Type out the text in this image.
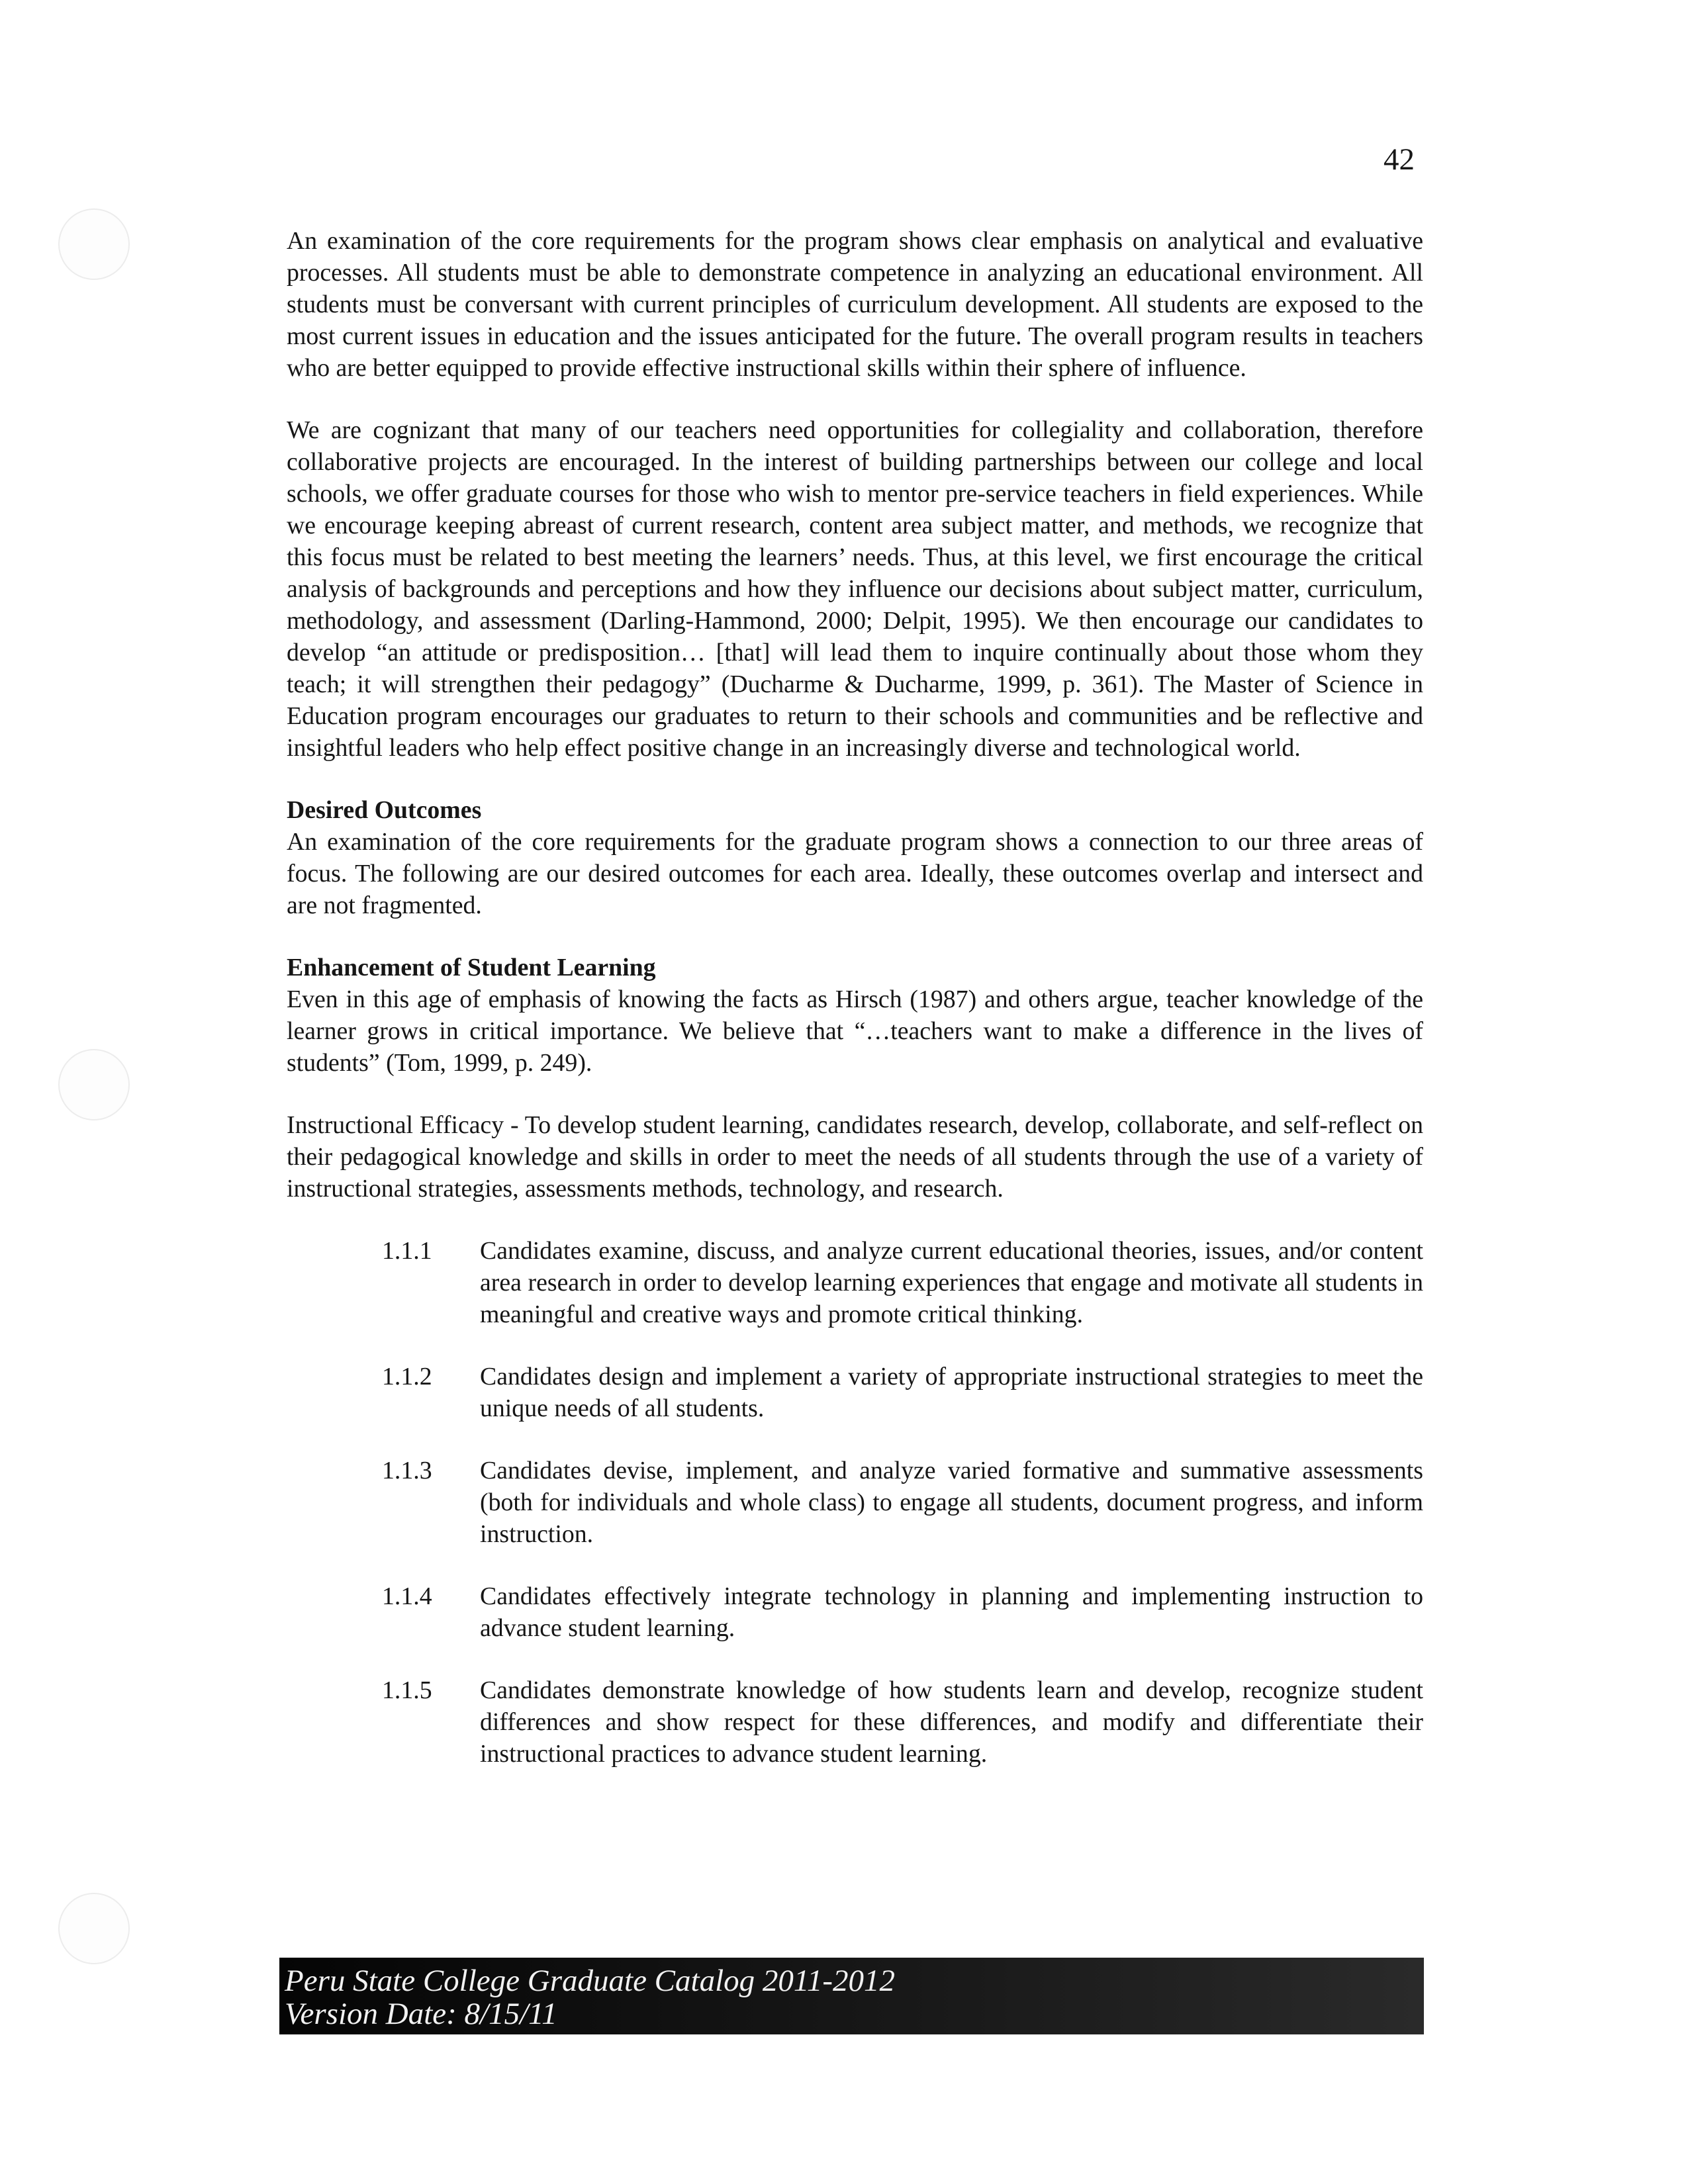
42

An examination of the core requirements for the program shows clear emphasis on analytical and evaluative processes. All students must be able to demonstrate competence in analyzing an educational environment. All students must be conversant with current principles of curriculum development. All students are exposed to the most current issues in education and the issues anticipated for the future. The overall program results in teachers who are better equipped to provide effective instructional skills within their sphere of influence.

We are cognizant that many of our teachers need opportunities for collegiality and collaboration, therefore collaborative projects are encouraged. In the interest of building partnerships between our college and local schools, we offer graduate courses for those who wish to mentor pre-service teachers in field experiences. While we encourage keeping abreast of current research, content area subject matter, and methods, we recognize that this focus must be related to best meeting the learners’ needs. Thus, at this level, we first encourage the critical analysis of backgrounds and perceptions and how they influence our decisions about subject matter, curriculum, methodology, and assessment (Darling-Hammond, 2000; Delpit, 1995). We then encourage our candidates to develop “an attitude or predisposition… [that] will lead them to inquire continually about those whom they teach; it will strengthen their pedagogy” (Ducharme & Ducharme, 1999, p. 361). The Master of Science in Education program encourages our graduates to return to their schools and communities and be reflective and insightful leaders who help effect positive change in an increasingly diverse and technological world.

Desired Outcomes

An examination of the core requirements for the graduate program shows a connection to our three areas of focus. The following are our desired outcomes for each area. Ideally, these outcomes overlap and intersect and are not fragmented.

Enhancement of Student Learning

Even in this age of emphasis of knowing the facts as Hirsch (1987) and others argue, teacher knowledge of the learner grows in critical importance. We believe that “…teachers want to make a difference in the lives of students” (Tom, 1999, p. 249).

Instructional Efficacy - To develop student learning, candidates research, develop, collaborate, and self-reflect on their pedagogical knowledge and skills in order to meet the needs of all students through the use of a variety of instructional strategies, assessments methods, technology, and research.

1.1.1	Candidates examine, discuss, and analyze current educational theories, issues, and/or content area research in order to develop learning experiences that engage and motivate all students in meaningful and creative ways and promote critical thinking.
1.1.2	Candidates design and implement a variety of appropriate instructional strategies to meet the unique needs of all students.
1.1.3	Candidates devise, implement, and analyze varied formative and summative assessments (both for individuals and whole class) to engage all students, document progress, and inform instruction.
1.1.4	Candidates effectively integrate technology in planning and implementing instruction to advance student learning.
1.1.5	Candidates demonstrate knowledge of how students learn and develop, recognize student differences and show respect for these differences, and modify and differentiate their instructional practices to advance student learning.
Peru State College Graduate Catalog 2011-2012
Version Date: 8/15/11
